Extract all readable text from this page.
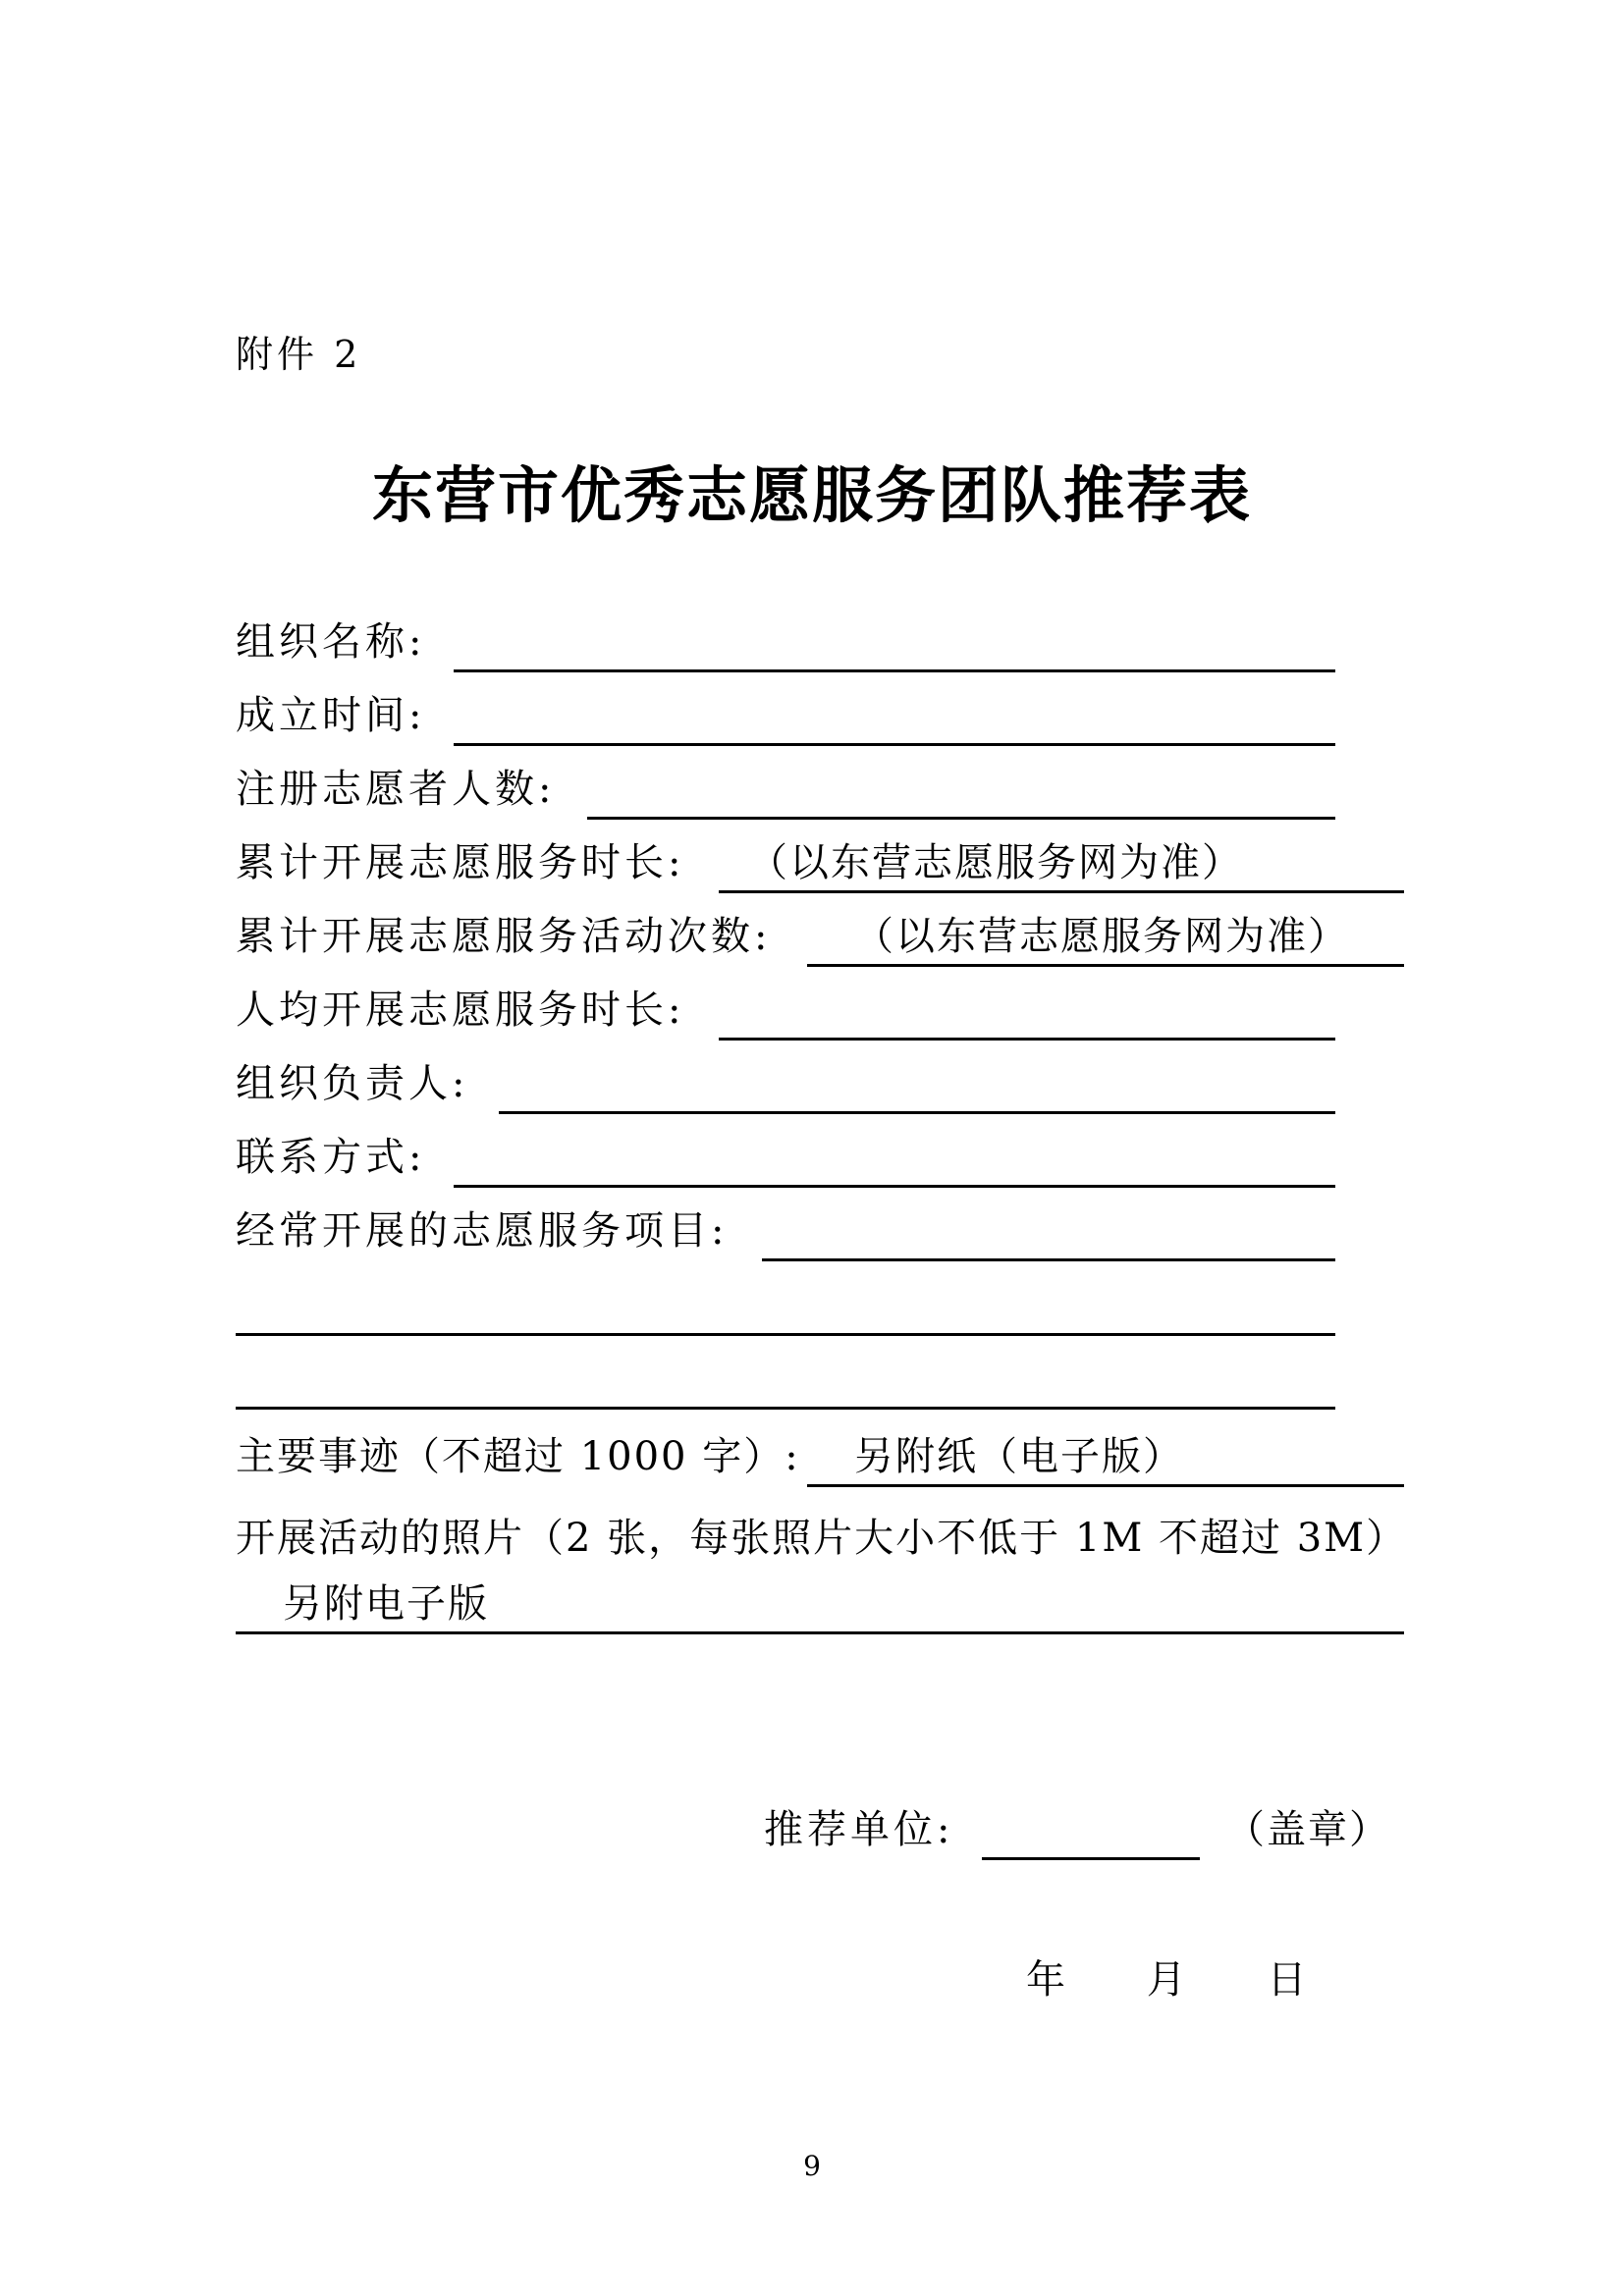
附件 2
东营市优秀志愿服务团队推荐表
组织名称:
成立时间:
注册志愿者人数:
累计开展志愿服务时长: （以东营志愿服务网为准）
累计开展志愿服务活动次数: （以东营志愿服务网为准）
人均开展志愿服务时长:
组织负责人:
联系方式:
经常开展的志愿服务项目:
主要事迹（不超过 1000 字）: 另附纸（电子版）
开展活动的照片（2 张，每张照片大小不低于 1M 不超过 3M）
另附电子版
推荐单位:	（盖章）
年 月 日
9
